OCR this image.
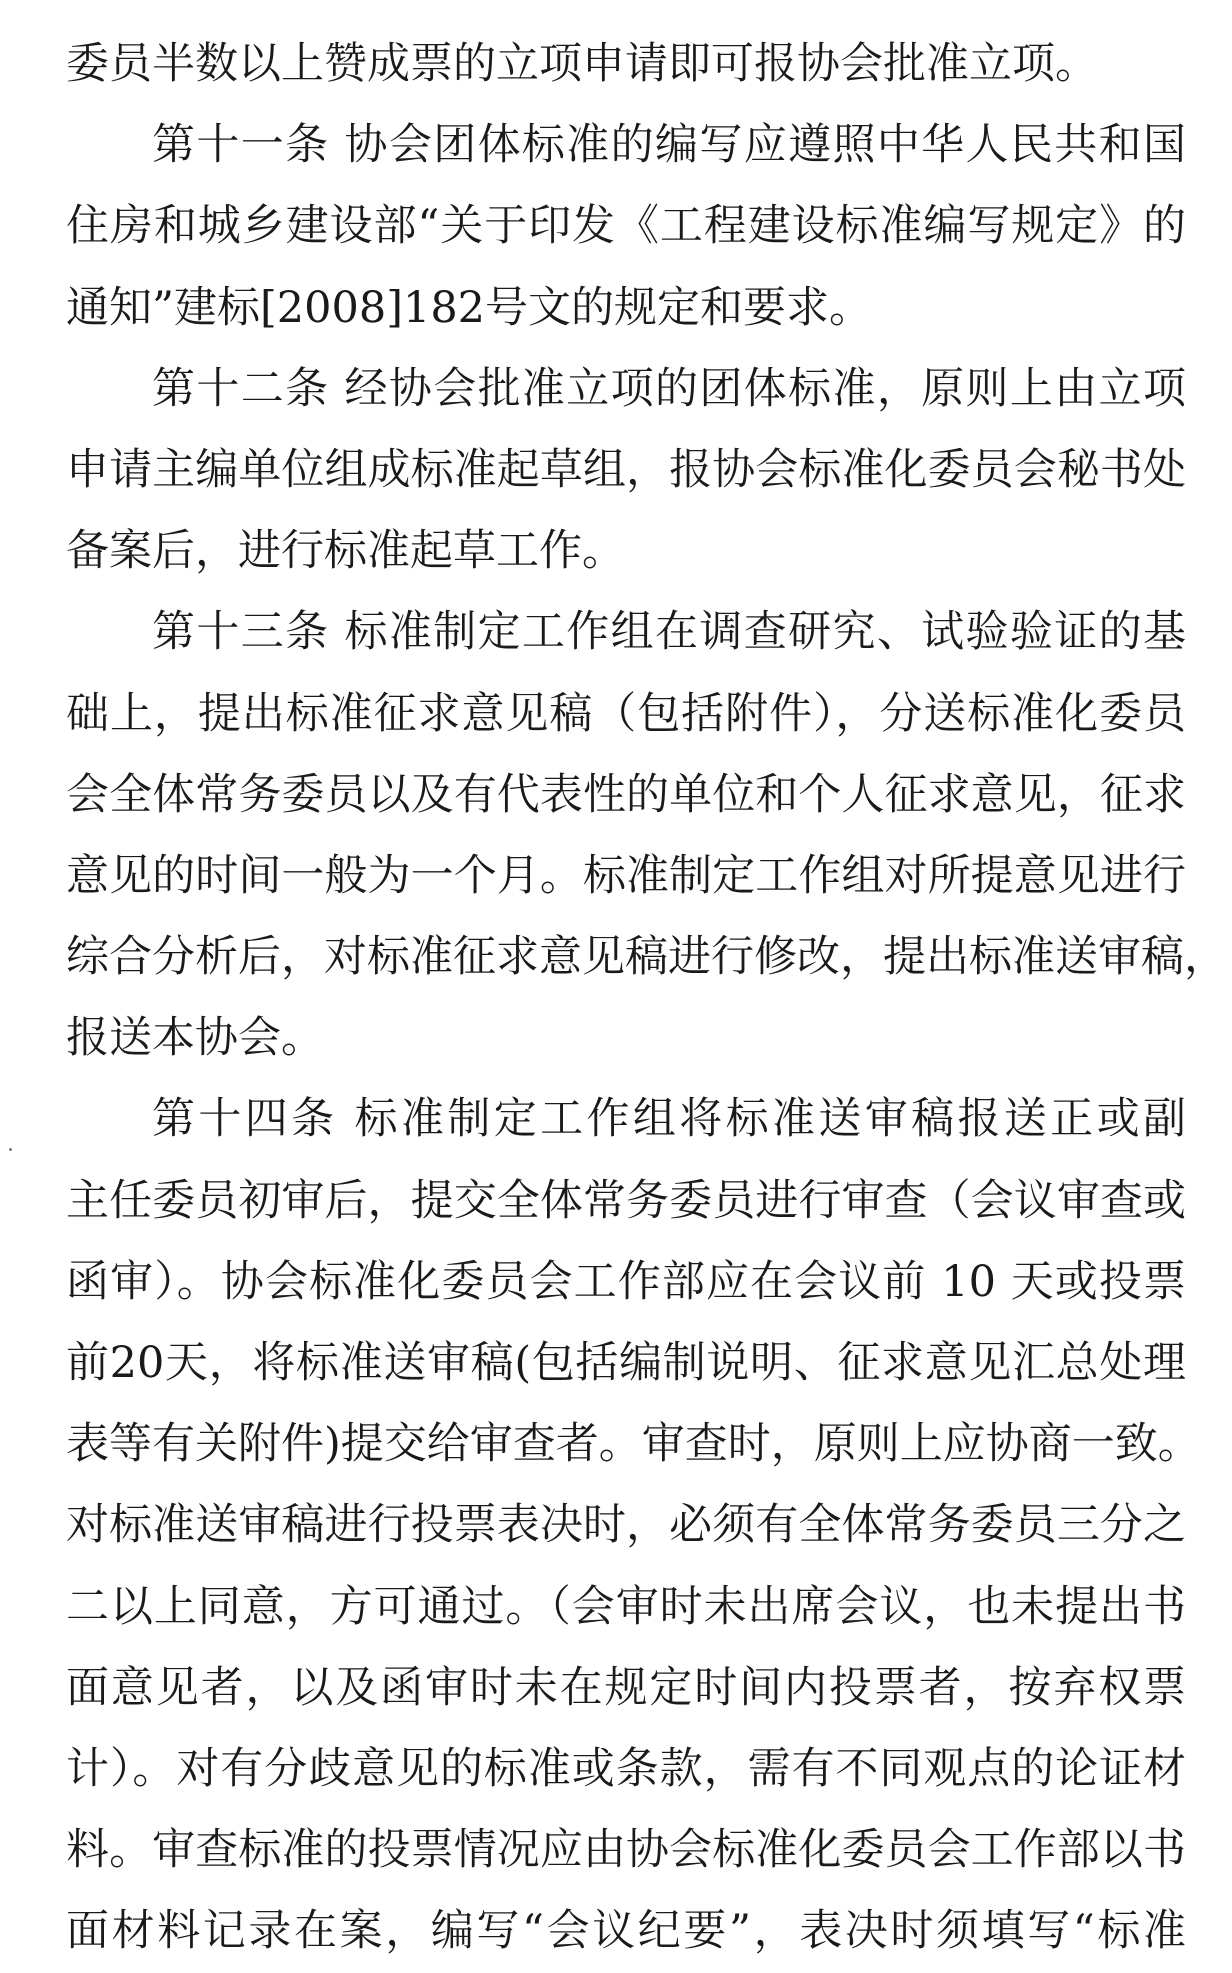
委员半数以上赞成票的立项申请即可报协会批准立项。
第十一条 协会团体标准的编写应遵照中华人民共和国
住房和城乡建设部“关于印发《工程建设标准编写规定》的
通知”建标[2008]182号文的规定和要求。
第十二条 经协会批准立项的团体标准，原则上由立项
申请主编单位组成标准起草组，报协会标准化委员会秘书处
备案后，进行标准起草工作。
第十三条 标准制定工作组在调查研究、试验验证的基
础上，提出标准征求意见稿（包括附件），分送标准化委员
会全体常务委员以及有代表性的单位和个人征求意见，征求
意见的时间一般为一个月。标准制定工作组对所提意见进行
综合分析后，对标准征求意见稿进行修改，提出标准送审稿，
报送本协会。
第十四条 标准制定工作组将标准送审稿报送正或副
主任委员初审后，提交全体常务委员进行审查（会议审查或
函审）。协会标准化委员会工作部应在会议前 10 天或投票
前20天，将标准送审稿(包括编制说明、征求意见汇总处理
表等有关附件)提交给审查者。审查时，原则上应协商一致。
对标准送审稿进行投票表决时，必须有全体常务委员三分之
二以上同意，方可通过。（会审时未出席会议，也未提出书
面意见者，以及函审时未在规定时间内投票者，按弃权票
计）。对有分歧意见的标准或条款，需有不同观点的论证材
料。审查标准的投票情况应由协会标准化委员会工作部以书
面材料记录在案，编写“会议纪要”，表决时须填写“标准
